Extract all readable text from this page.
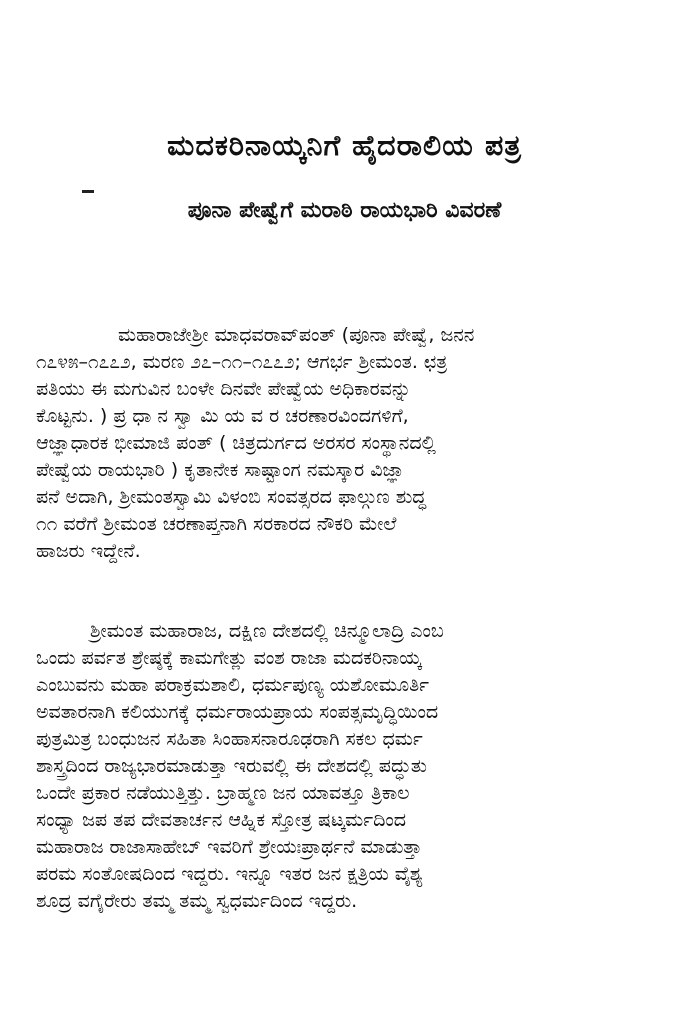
ಮದಕರಿನಾಯ್ಕನಿಗೆ ಹೈದರಾಲಿಯ ಪತ್ರ
ಪೂನಾ ಪೇಷ್ವೆಗೆ ಮರಾಠಿ ರಾಯಭಾರಿ ವಿವರಣೆ
ಮಹಾರಾಜೇಶ್ರೀ ಮಾಧವರಾವ್‌ಪಂತ್ (ಪೂನಾ ಪೇಷ್ವೆ, ಜನನ
೧೭೪೫–೧೭೭೨, ಮರಣ ೨೭–೧೧–೧೭೭೨; ಆಗರ್ಭ ಶ್ರೀಮಂತ. ಛತ್ರ
ಪತಿಯು ಈ ಮಗುವಿನ ಬಂಳೇ ದಿನವೇ ಪೇಷ್ವೆಯ ಅಧಿಕಾರವನ್ನು
ಕೊಟ್ಟನು. ) ಪ್ರ ಧಾ ನ ಸ್ವಾ ಮಿ ಯ ವ ರ ಚರಣಾರವಿಂದಗಳಿಗೆ,
ಆಜ್ಞಾಧಾರಕ ಭೀಮಾಜಿ ಪಂತ್ ( ಚಿತ್ರದುರ್ಗದ ಅರಸರ ಸಂಸ್ಥಾನದಲ್ಲಿ
ಪೇಷ್ವೆಯ ರಾಯಭಾರಿ ) ಕೃತಾನೇಕ ಸಾಷ್ಟಾಂಗ ನಮಸ್ಕಾರ ವಿಜ್ಞಾ
ಪನೆ ಅದಾಗಿ, ಶ್ರೀಮಂತಸ್ವಾಮಿ ವಿಳಂಬಿ ಸಂವತ್ಸರದ ಫಾಲ್ಗುಣ ಶುದ್ಧ
೧೧ ವರೆಗೆ ಶ್ರೀಮಂತ ಚರಣಾಪ್ತನಾಗಿ ಸರಕಾರದ ನೌಕರಿ ಮೇಲೆ
ಹಾಜರು ಇದ್ದೇನೆ.
ಶ್ರೀಮಂತ ಮಹಾರಾಜ, ದಕ್ಷಿಣ ದೇಶದಲ್ಲಿ ಚಿನ್ಮೂಲಾದ್ರಿ ಎಂಬ
ಒಂದು ಪರ್ವತ ಶ್ರೇಷ್ಠಕ್ಕೆ ಕಾಮಗೇತ್ಲು ವಂಶ ರಾಜಾ ಮದಕರಿನಾಯ್ಕ
ಎಂಬುವನು ಮಹಾ ಪರಾಕ್ರಮಶಾಲಿ, ಧರ್ಮಪುಣ್ಯ ಯಶೋಮೂರ್ತಿ
ಅವತಾರನಾಗಿ ಕಲಿಯುಗಕ್ಕೆ ಧರ್ಮರಾಯಪ್ರಾಯ ಸಂಪತ್ಸಮೃದ್ಧಿಯಿಂದ
ಪುತ್ರಮಿತ್ರ ಬಂಧುಜನ ಸಹಿತಾ ಸಿಂಹಾಸನಾರೂಢರಾಗಿ ಸಕಲ ಧರ್ಮ
ಶಾಸ್ತ್ರದಿಂದ ರಾಜ್ಯಭಾರಮಾಡುತ್ತಾ ಇರುವಲ್ಲಿ ಈ ದೇಶದಲ್ಲಿ ಪದ್ಧುತು
ಒಂದೇ ಪ್ರಕಾರ ನಡೆಯುತ್ತಿತ್ತು. ಬ್ರಾಹ್ಮಣ ಜನ ಯಾವತ್ತೂ ತ್ರಿಕಾಲ
ಸಂಧ್ಯಾ ಜಪ ತಪ ದೇವತಾರ್ಚನ ಆಹ್ನಿಕ ಸ್ತೋತ್ರ ಷಟ್ಕರ್ಮದಿಂದ
ಮಹಾರಾಜ ರಾಜಾಸಾಹೇಬ್ ಇವರಿಗೆ ಶ್ರೇಯಃಪ್ರಾರ್ಥನೆ ಮಾಡುತ್ತಾ
ಪರಮ ಸಂತೋಷದಿಂದ ಇದ್ದರು. ಇನ್ನೂ ಇತರ ಜನ ಕ್ಷತ್ರಿಯ ವೈಶ್ಯ
ಶೂದ್ರ ವಗೈರೇರು ತಮ್ಮ ತಮ್ಮ ಸ್ವಧರ್ಮದಿಂದ ಇದ್ದರು.
